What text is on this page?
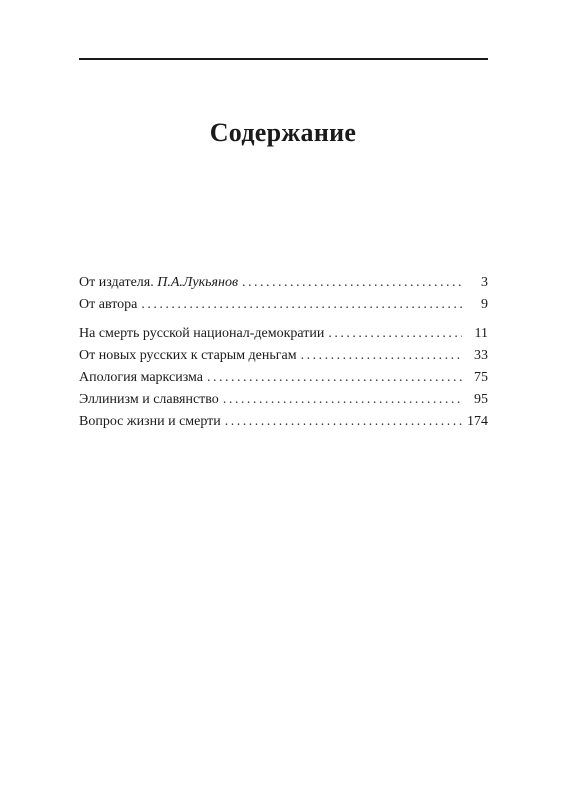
Содержание
От издателя. П.А.Лукьянов . . .	3
От автора . . .	9
На смерть русской национал-демократии . . .	11
От новых русских к старым деньгам . . .	33
Апология марксизма . . .	75
Эллинизм и славянство . . .	95
Вопрос жизни и смерти . . .	174
